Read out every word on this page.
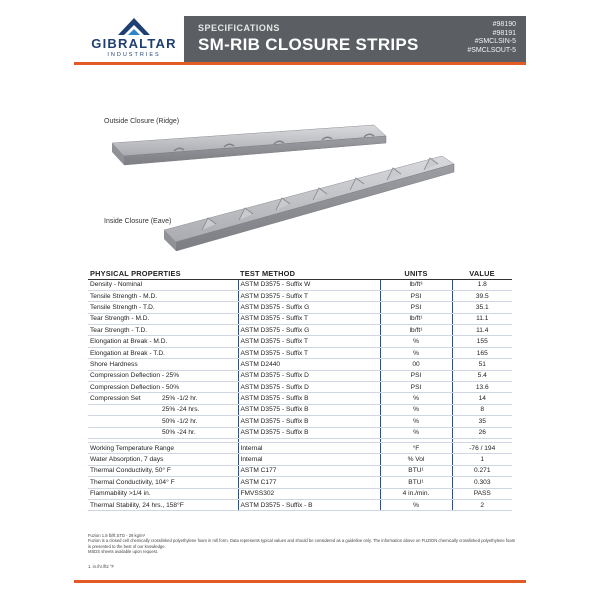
GIBRALTAR
INDUSTRIES
SPECIFICATIONS
SM-RIB CLOSURE STRIPS
#98190
#98191
#SMCLSIN-5
#SMCLSOUT-5
Outside Closure (Ridge)
Inside Closure (Eave)
PHYSICAL PROPERTIES	TEST METHOD	UNITS	VALUE
Density - Nominal	ASTM D3575 - Suffix W	lb/ft³	1.8
Tensile Strength - M.D.	ASTM D3575 - Suffix T	PSI	39.5
Tensile Strength - T.D.	ASTM D3575 - Suffix G	PSI	35.1
Tear Strength - M.D.	ASTM D3575 - Suffix T	lb/ft¹	11.1
Tear Strength - T.D.	ASTM D3575 - Suffix G	lb/ft¹	11.4
Elongation at Break - M.D.	ASTM D3575 - Suffix T	%	155
Elongation at Break - T.D.	ASTM D3575 - Suffix T	%	165
Shore Hardness	ASTM D2440	00	51
Compression Deflection - 25%	ASTM D3575 - Suffix D	PSI	5.4
Compression Deflection - 50%	ASTM D3575 - Suffix D	PSI	13.6
Compression Set 25% -1/2 hr.	ASTM D3575 - Suffix B	%	14
25% -24 hrs.	ASTM D3575 - Suffix B	%	8
50% -1/2 hr.	ASTM D3575 - Suffix B	%	35
50% -24 hr.	ASTM D3575 - Suffix B	%	26

Working Temperature Range	Internal	°F	-76 / 194
Water Absorption, 7 days	Internal	% Vol	1
Thermal Conductivity, 50° F	ASTM C177	BTU¹	0.271
Thermal Conductivity, 104° F	ASTM C177	BTU¹	0.303
Flammability >1/4 in.	FMVSS302	4 in./min.	PASS
Thermal Stability, 24 hrs., 158°F	ASTM D3575 - Suffix - B	%	2
Fuzion 1.8 lb/ft.STD - 29 kg/m³
Fuzion is a closed cell chemically crosslinked polyethylene foam in roll form. Data represents typical values and should be considered as a guideline only. The information above on FUZION chemically crosslinked polyethylene foam is presented to the best of our knowledge.
MSDS sheets available upon request.
1. in./hr./ft2 °F
